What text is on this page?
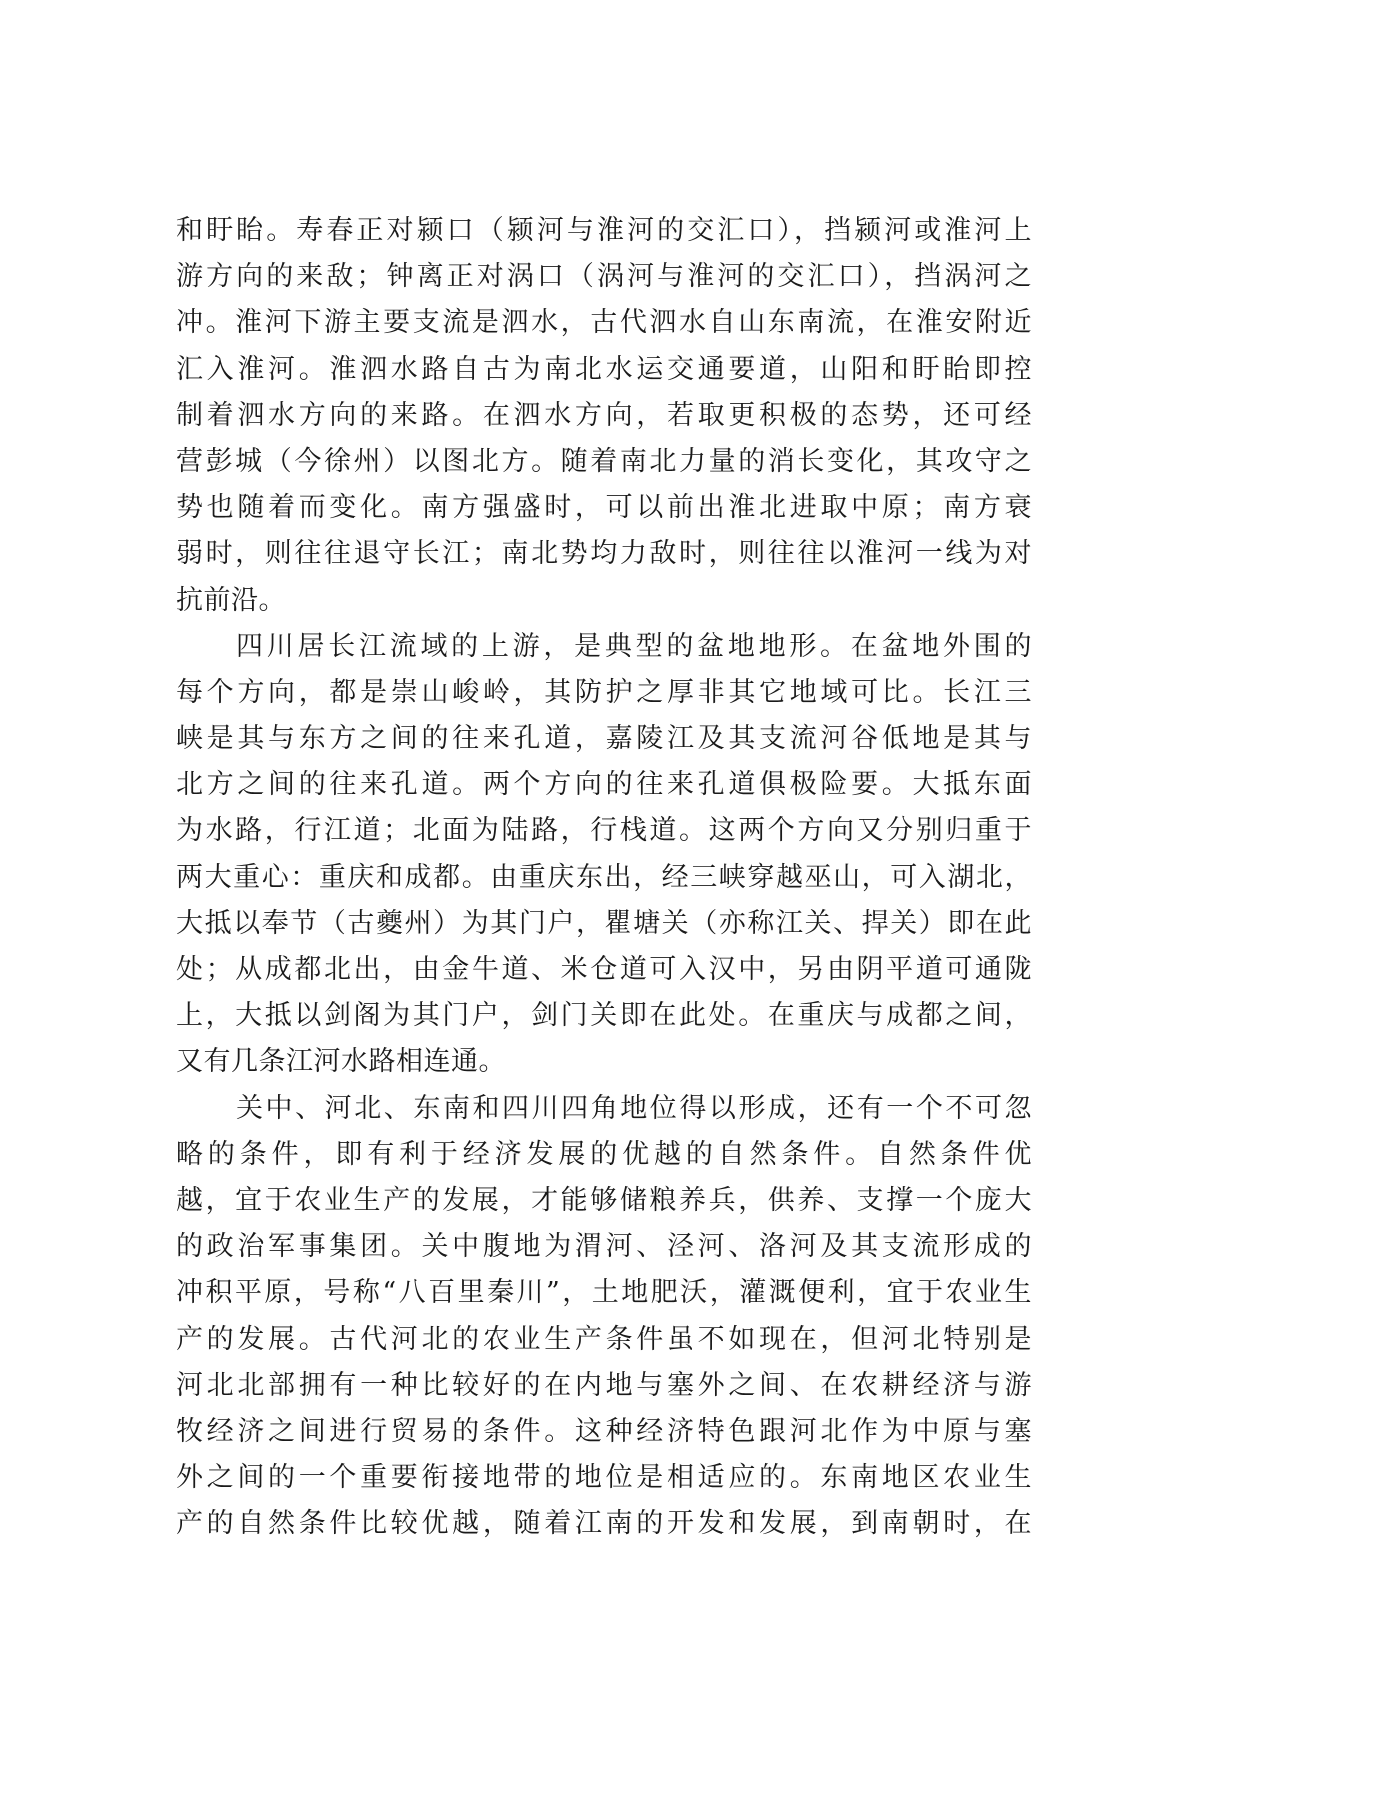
和盱眙。寿春正对颍口（颍河与淮河的交汇口），挡颍河或淮河上
游方向的来敌；钟离正对涡口（涡河与淮河的交汇口），挡涡河之
冲。淮河下游主要支流是泗水，古代泗水自山东南流，在淮安附近
汇入淮河。淮泗水路自古为南北水运交通要道，山阳和盱眙即控
制着泗水方向的来路。在泗水方向，若取更积极的态势，还可经
营彭城（今徐州）以图北方。随着南北力量的消长变化，其攻守之
势也随着而变化。南方强盛时，可以前出淮北进取中原；南方衰
弱时，则往往退守长江；南北势均力敌时，则往往以淮河一线为对
抗前沿。
四川居长江流域的上游，是典型的盆地地形。在盆地外围的
每个方向，都是崇山峻岭，其防护之厚非其它地域可比。长江三
峡是其与东方之间的往来孔道，嘉陵江及其支流河谷低地是其与
北方之间的往来孔道。两个方向的往来孔道俱极险要。大抵东面
为水路，行江道；北面为陆路，行栈道。这两个方向又分别归重于
两大重心：重庆和成都。由重庆东出，经三峡穿越巫山，可入湖北，
大抵以奉节（古夔州）为其门户，瞿塘关（亦称江关、捍关）即在此
处；从成都北出，由金牛道、米仓道可入汉中，另由阴平道可通陇
上，大抵以剑阁为其门户，剑门关即在此处。在重庆与成都之间，
又有几条江河水路相连通。
关中、河北、东南和四川四角地位得以形成，还有一个不可忽
略的条件，即有利于经济发展的优越的自然条件。自然条件优
越，宜于农业生产的发展，才能够储粮养兵，供养、支撑一个庞大
的政治军事集团。关中腹地为渭河、泾河、洛河及其支流形成的
冲积平原，号称“八百里秦川”，土地肥沃，灌溉便利，宜于农业生
产的发展。古代河北的农业生产条件虽不如现在，但河北特别是
河北北部拥有一种比较好的在内地与塞外之间、在农耕经济与游
牧经济之间进行贸易的条件。这种经济特色跟河北作为中原与塞
外之间的一个重要衔接地带的地位是相适应的。东南地区农业生
产的自然条件比较优越，随着江南的开发和发展，到南朝时，在
